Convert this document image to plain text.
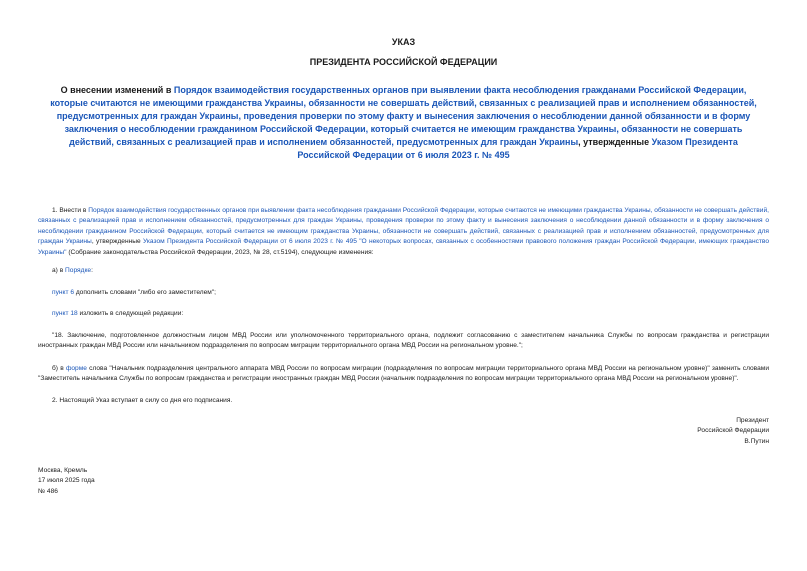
УКАЗ

ПРЕЗИДЕНТА РОССИЙСКОЙ ФЕДЕРАЦИИ

О внесении изменений в Порядок взаимодействия государственных органов при выявлении факта несоблюдения гражданами Российской Федерации, которые считаются не имеющими гражданства Украины, обязанности не совершать действий, связанных с реализацией прав и исполнением обязанностей, предусмотренных для граждан Украины, проведения проверки по этому факту и вынесения заключения о несоблюдении данной обязанности и в форму заключения о несоблюдении гражданином Российской Федерации, который считается не имеющим гражданства Украины, обязанности не совершать действий, связанных с реализацией прав и исполнением обязанностей, предусмотренных для граждан Украины, утвержденные Указом Президента Российской Федерации от 6 июля 2023 г. № 495

1. Внести в Порядок взаимодействия государственных органов при выявлении факта несоблюдения гражданами Российской Федерации, которые считаются не имеющими гражданства Украины, обязанности не совершать действий, связанных с реализацией прав и исполнением обязанностей, предусмотренных для граждан Украины, проведения проверки по этому факту и вынесения заключения о несоблюдении данной обязанности и в форму заключения о несоблюдении гражданином Российской Федерации, который считается не имеющим гражданства Украины, обязанности не совершать действий, связанных с реализацией прав и исполнением обязанностей, предусмотренных для граждан Украины, утвержденные Указом Президента Российской Федерации от 6 июля 2023 г. № 495 "О некоторых вопросах, связанных с особенностями правового положения граждан Российской Федерации, имеющих гражданство Украины" (Собрание законодательства Российской Федерации, 2023, № 28, ст.5194), следующие изменения:

а) в Порядке:

пункт 6 дополнить словами "либо его заместителем";

пункт 18 изложить в следующей редакции:

"18. Заключение, подготовленное должностным лицом МВД России или уполномоченного территориального органа, подлежит согласованию с заместителем начальника Службы по вопросам гражданства и регистрации иностранных граждан МВД России или начальником подразделения по вопросам миграции территориального органа МВД России на региональном уровне.";

б) в форме слова "Начальник подразделения центрального аппарата МВД России по вопросам миграции (подразделения по вопросам миграции территориального органа МВД России на региональном уровне)" заменить словами "Заместитель начальника Службы по вопросам гражданства и регистрации иностранных граждан МВД России (начальник подразделения по вопросам миграции территориального органа МВД России на региональном уровне)".

2. Настоящий Указ вступает в силу со дня его подписания.

Президент
Российской Федерации
В.Путин

Москва, Кремль
17 июля 2025 года
№ 486
